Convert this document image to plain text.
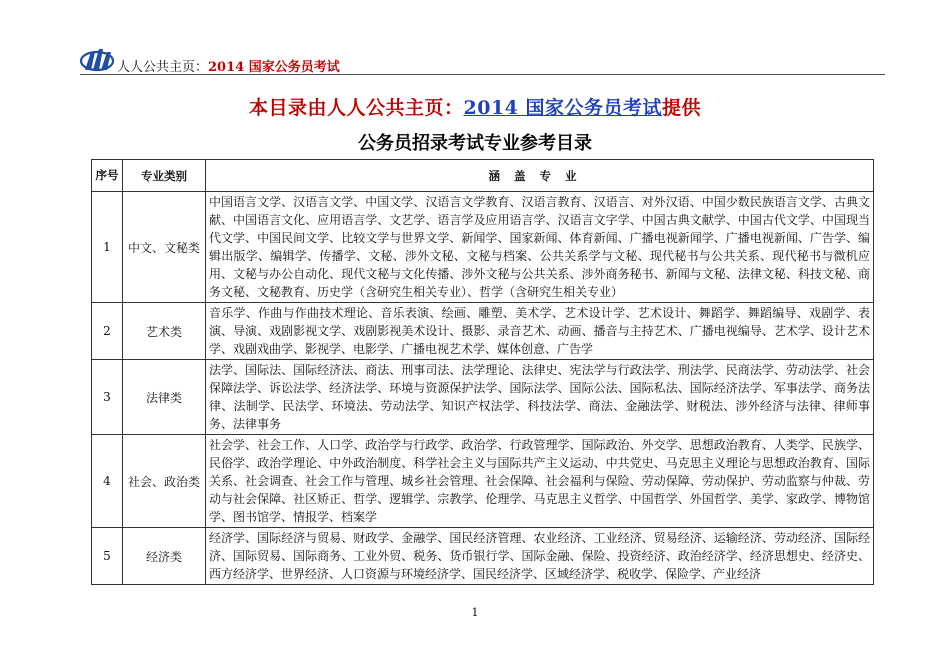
人人公共主页：2014 国家公务员考试
本目录由人人公共主页：2014 国家公务员考试提供
公务员招录考试专业参考目录
序号	专业类别	涵盖专业
1	中文、文秘类	中国语言文学、汉语言文学、中国文学、汉语言文学教育、汉语言教育、汉语言、对外汉语、中国少数民族语言文学、古典文献、中国语言文化、应用语言学、文艺学、语言学及应用语言学、汉语言文字学、中国古典文献学、中国古代文学、中国现当代文学、中国民间文学、比较文学与世界文学、新闻学、国家新闻、体育新闻、广播电视新闻学、广播电视新闻、广告学、编辑出版学、编辑学、传播学、文秘、涉外文秘、文秘与档案、公共关系学与文秘、现代秘书与公共关系、现代秘书与微机应用、文秘与办公自动化、现代文秘与文化传播、涉外文秘与公共关系、涉外商务秘书、新闻与文秘、法律文秘、科技文秘、商务文秘、文秘教育、历史学（含研究生相关专业）、哲学（含研究生相关专业）
2	艺术类	音乐学、作曲与作曲技术理论、音乐表演、绘画、雕塑、美术学、艺术设计学、艺术设计、舞蹈学、舞蹈编导、戏剧学、表演、导演、戏剧影视文学、戏剧影视美术设计、摄影、录音艺术、动画、播音与主持艺术、广播电视编导、艺术学、设计艺术学、戏剧戏曲学、影视学、电影学、广播电视艺术学、媒体创意、广告学
3	法律类	法学、国际法、国际经济法、商法、刑事司法、法学理论、法律史、宪法学与行政法学、刑法学、民商法学、劳动法学、社会保障法学、诉讼法学、经济法学、环境与资源保护法学、国际法学、国际公法、国际私法、国际经济法学、军事法学、商务法律、法制学、民法学、环境法、劳动法学、知识产权法学、科技法学、商法、金融法学、财税法、涉外经济与法律、律师事务、法律事务
4	社会、政治类	社会学、社会工作、人口学、政治学与行政学、政治学、行政管理学、国际政治、外交学、思想政治教育、人类学、民族学、民俗学、政治学理论、中外政治制度、科学社会主义与国际共产主义运动、中共党史、马克思主义理论与思想政治教育、国际关系、社会调查、社会工作与管理、城乡社会管理、社会保障、社会福利与保险、劳动保障、劳动保护、劳动监察与仲裁、劳动与社会保障、社区矫正、哲学、逻辑学、宗教学、伦理学、马克思主义哲学、中国哲学、外国哲学、美学、家政学、博物馆学、图书馆学、情报学、档案学
5	经济类	经济学、国际经济与贸易、财政学、金融学、国民经济管理、农业经济、工业经济、贸易经济、运输经济、劳动经济、国际经济、国际贸易、国际商务、工业外贸、税务、货币银行学、国际金融、保险、投资经济、政治经济学、经济思想史、经济史、西方经济学、世界经济、人口资源与环境经济学、国民经济学、区域经济学、税收学、保险学、产业经济
1
